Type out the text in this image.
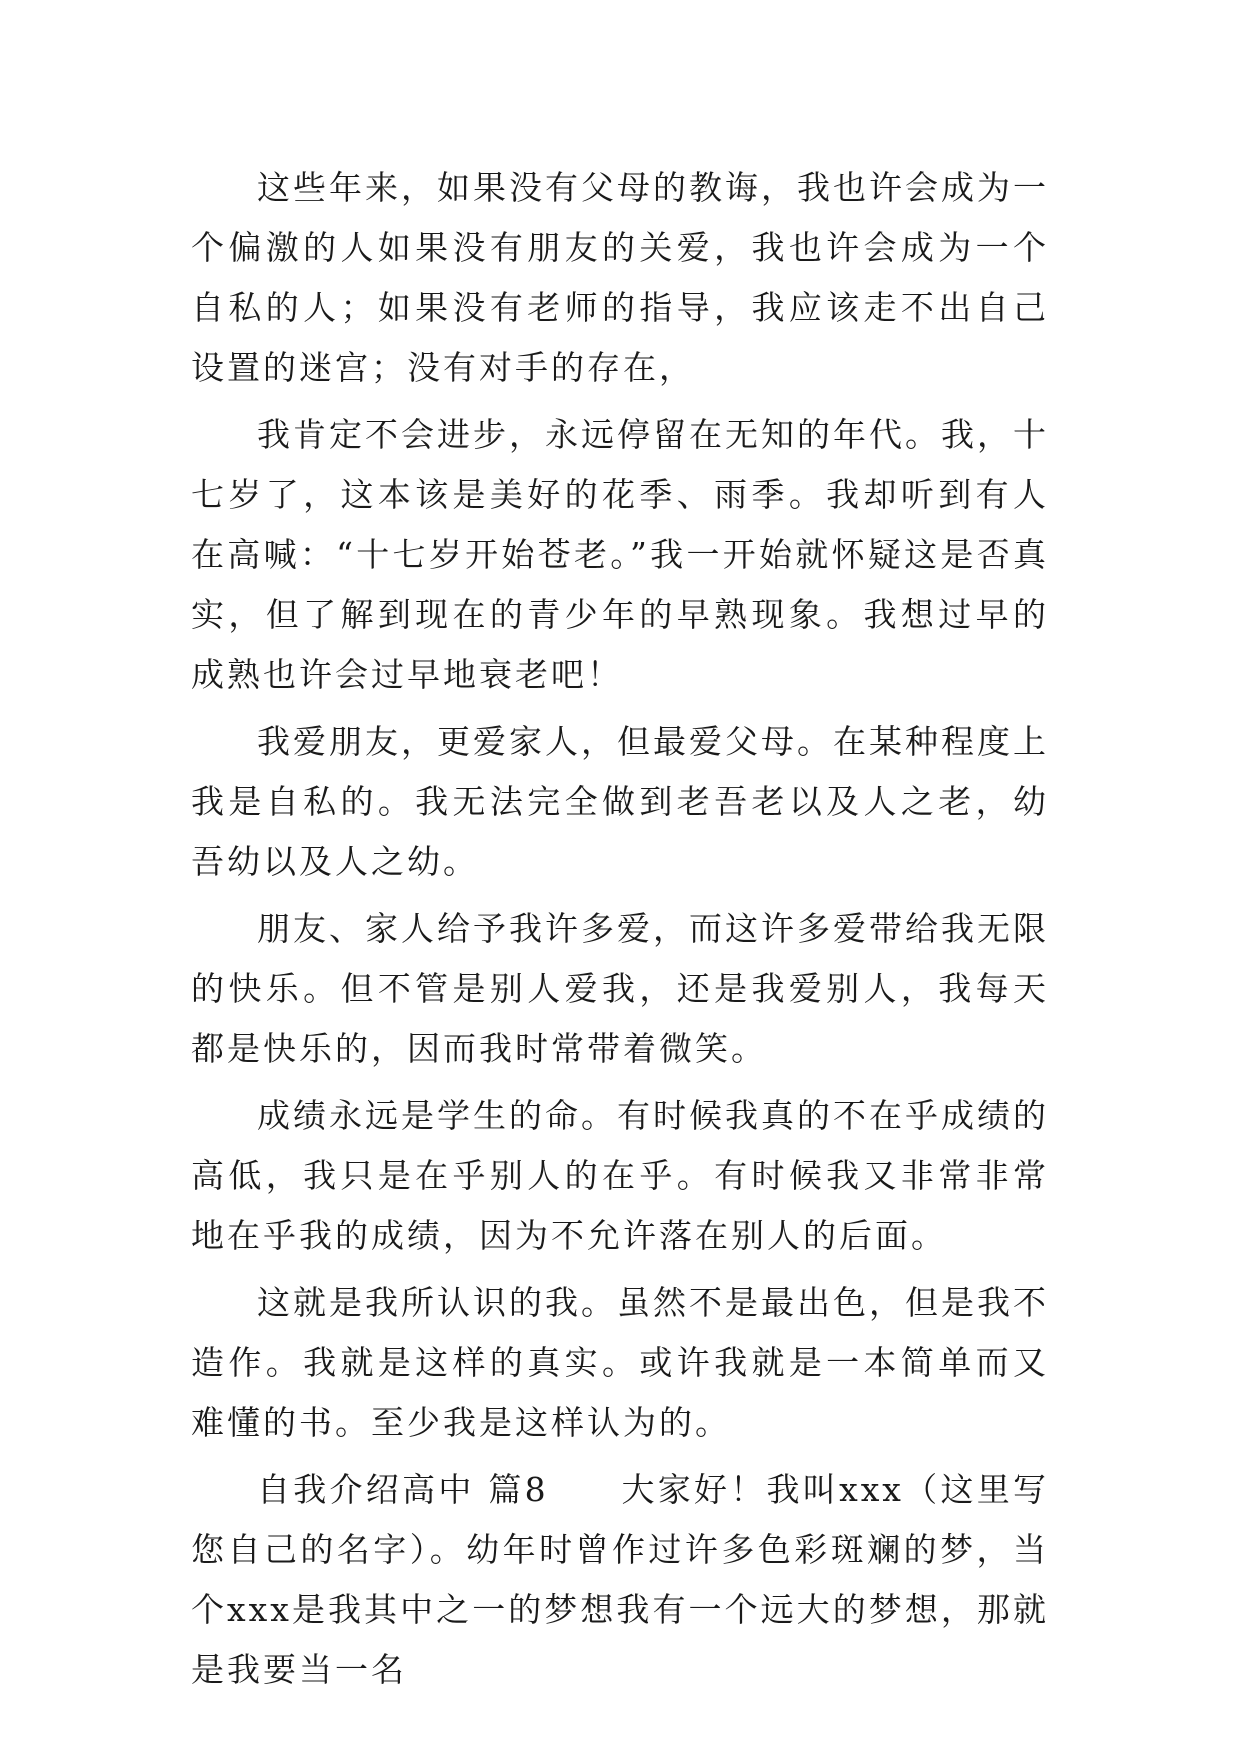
这些年来，如果没有父母的教诲，我也许会成为一个偏激的人如果没有朋友的关爱，我也许会成为一个自私的人；如果没有老师的指导，我应该走不出自己设置的迷宫；没有对手的存在，

我肯定不会进步，永远停留在无知的年代。我，十七岁了，这本该是美好的花季、雨季。我却听到有人在高喊：“十七岁开始苍老。”我一开始就怀疑这是否真实，但了解到现在的青少年的早熟现象。我想过早的成熟也许会过早地衰老吧！

我爱朋友，更爱家人，但最爱父母。在某种程度上我是自私的。我无法完全做到老吾老以及人之老，幼吾幼以及人之幼。

朋友、家人给予我许多爱，而这许多爱带给我无限的快乐。但不管是别人爱我，还是我爱别人，我每天都是快乐的，因而我时常带着微笑。

成绩永远是学生的命。有时候我真的不在乎成绩的高低，我只是在乎别人的在乎。有时候我又非常非常地在乎我的成绩，因为不允许落在别人的后面。

这就是我所认识的我。虽然不是最出色，但是我不造作。我就是这样的真实。或许我就是一本简单而又难懂的书。至少我是这样认为的。

自我介绍高中 篇8　　大家好！我叫xxx（这里写您自己的名字）。幼年时曾作过许多色彩斑斓的梦，当个xxx是我其中之一的梦想我有一个远大的梦想，那就是我要当一名
